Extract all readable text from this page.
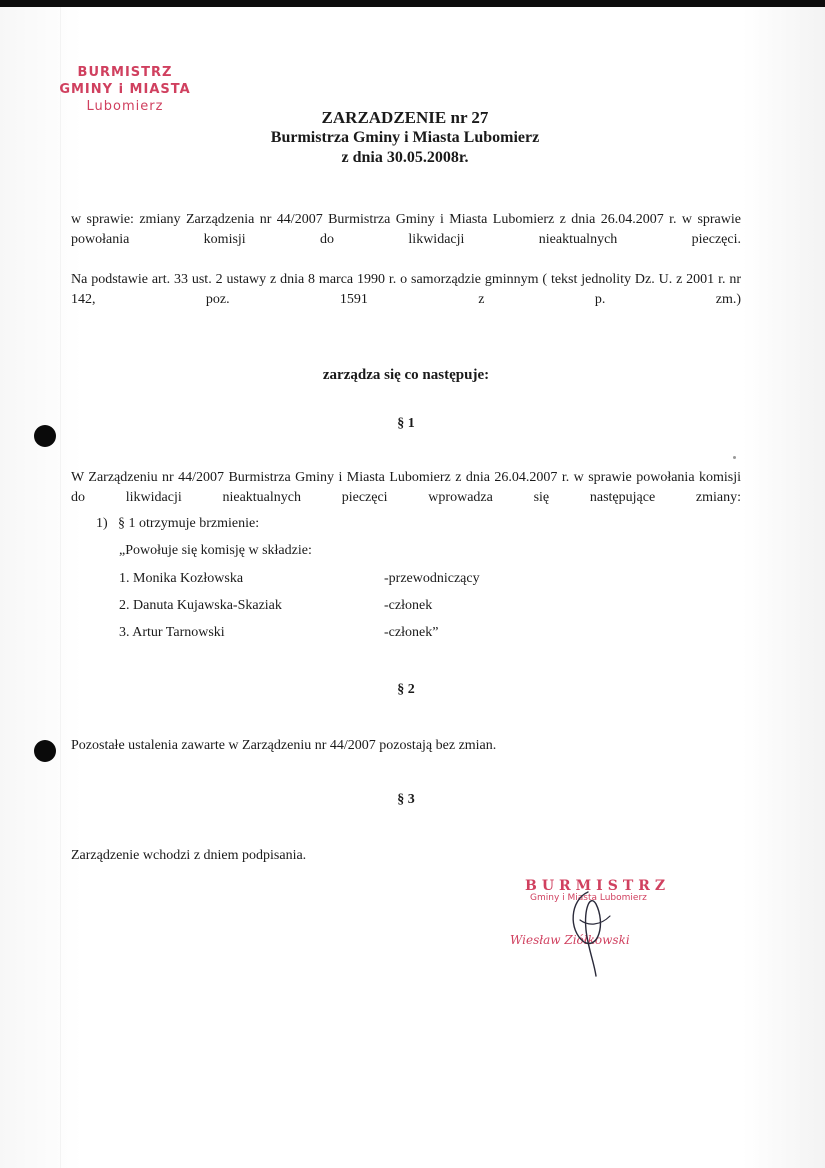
BURMISTRZ
GMINY i MIASTA
Lubomierz
ZARZADZENIE nr 27
Burmistrza Gminy i Miasta Lubomierz
z dnia 30.05.2008r.
w sprawie: zmiany Zarządzenia nr 44/2007 Burmistrza Gminy i Miasta Lubomierz z dnia 26.04.2007 r. w sprawie powołania komisji do likwidacji nieaktualnych pieczęci.
Na podstawie art. 33 ust. 2 ustawy z dnia 8 marca 1990 r. o samorządzie gminnym ( tekst jednolity Dz. U. z 2001 r. nr 142, poz. 1591 z p. zm.)
zarządza się co następuje:
§ 1
W Zarządzeniu nr 44/2007 Burmistrza Gminy i Miasta Lubomierz z dnia 26.04.2007 r. w sprawie powołania komisji do likwidacji nieaktualnych pieczęci wprowadza się następujące zmiany:
1) § 1 otrzymuje brzmienie:
„Powołuje się komisję w składzie:
1. Monika Kozłowska	-przewodniczący
2. Danuta Kujawska-Skaziak	-członek
3. Artur Tarnowski	-członek”
§ 2
Pozostałe ustalenia zawarte w Zarządzeniu nr 44/2007 pozostają bez zmian.
§ 3
Zarządzenie wchodzi z dniem podpisania.
BURMISTRZ
Gminy i Miasta Lubomierz
Wiesław Ziółkowski
